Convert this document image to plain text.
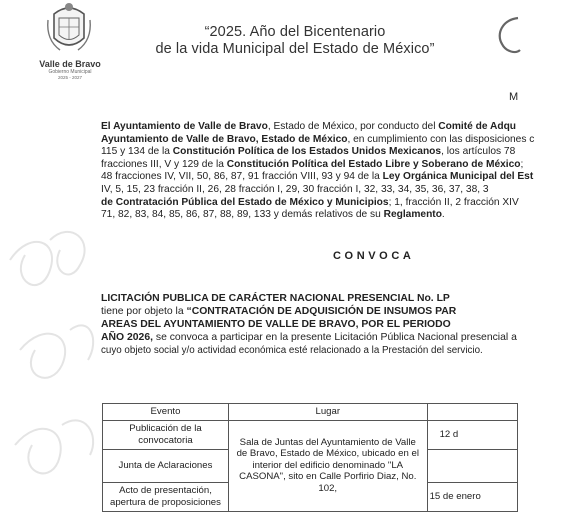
Valle de Bravo
Gobierno Municipal
2025 - 2027
“2025. Año del Bicentenario
de la vida Municipal del Estado de México”
M
El Ayuntamiento de Valle de Bravo, Estado de México, por conducto del Comité de Adqu
Ayuntamiento de Valle de Bravo, Estado de México, en cumplimiento con las disposiciones c
115 y 134 de la Constitución Política de los Estados Unidos Mexicanos, los artículos 78
fracciones III, V y 129 de la Constitución Política del Estado Libre y Soberano de México;
48 fracciones IV, VII, 50, 86, 87, 91 fracción VIII, 93 y 94 de la Ley Orgánica Municipal del Est
IV, 5, 15, 23 fracción II, 26, 28 fracción I, 29, 30 fracción I, 32, 33, 34, 35, 36, 37, 38, 3
de Contratación Pública del Estado de México y Municipios; 1, fracción II, 2 fracción XIV
71, 82, 83, 84, 85, 86, 87, 88, 89, 133 y demás relativos de su Reglamento.
CONVOCA
LICITACIÓN PUBLICA DE CARÁCTER NACIONAL PRESENCIAL No. LP
tiene por objeto la “CONTRATACIÓN DE ADQUISICIÓN DE INSUMOS PAR
AREAS DEL AYUNTAMIENTO DE VALLE DE BRAVO, POR EL PERIODO
AÑO 2026, se convoca a participar en la presente Licitación Pública Nacional presencial a
cuyo objeto social y/o actividad económica esté relacionado a la Prestación del servicio.
Evento	Lugar	
Publicación de la convocatoria	Sala de Juntas del Ayuntamiento de Valle de Bravo, Estado de México, ubicado en el interior del edificio denominado "LA CASONA", sito en Calle Porfirio Diaz, No. 102,	12 d
Junta de Aclaraciones		
Acto de presentación, apertura de proposiciones		15 de enero
